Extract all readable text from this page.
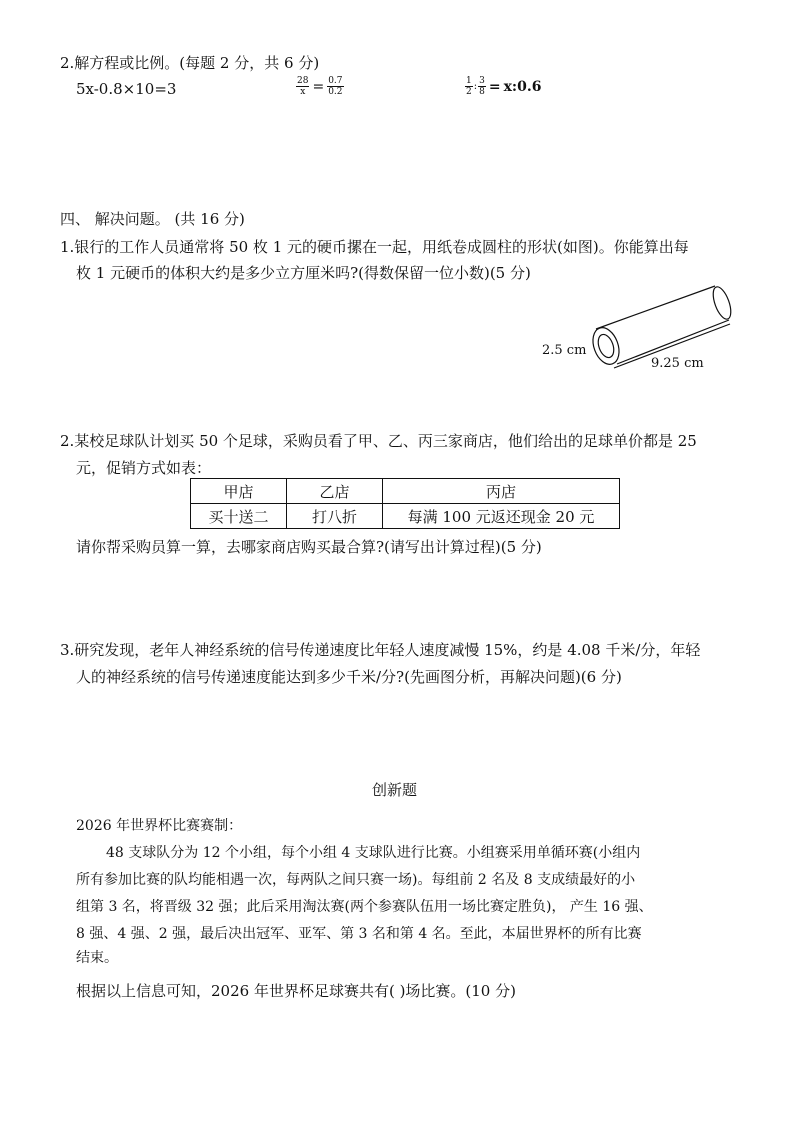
2.解方程或比例。(每题 2 分，共 6 分)
5x-0.8×10=3	$\frac{28}{x} = \frac{0.7}{0.2}$	$\frac{1}{2}$ : $\frac{3}{8}$ = x:0.6
四、 解决问题。 (共 16 分)
1.银行的工作人员通常将 50 枚 1 元的硬币摞在一起，用纸卷成圆柱的形状(如图)。你能算出每
枚 1 元硬币的体积大约是多少立方厘米吗?(得数保留一位小数)(5 分)
2.5 cm
9.25 cm
2.某校足球队计划买 50 个足球，采购员看了甲、乙、丙三家商店，他们给出的足球单价都是 25
元，促销方式如表：
甲店	乙店	丙店
买十送二	打八折	每满 100 元返还现金 20 元
请你帮采购员算一算，去哪家商店购买最合算?(请写出计算过程)(5 分)
3.研究发现，老年人神经系统的信号传递速度比年轻人速度减慢 15%，约是 4.08 千米/分，年轻
人的神经系统的信号传递速度能达到多少千米/分?(先画图分析，再解决问题)(6 分)
创新题
2026 年世界杯比赛赛制：
48 支球队分为 12 个小组，每个小组 4 支球队进行比赛。小组赛采用单循环赛(小组内
所有参加比赛的队均能相遇一次，每两队之间只赛一场)。每组前 2 名及 8 支成绩最好的小
组第 3 名，将晋级 32 强；此后采用淘汰赛(两个参赛队伍用一场比赛定胜负)， 产生 16 强、
8 强、4 强、2 强，最后决出冠军、亚军、第 3 名和第 4 名。至此，本届世界杯的所有比赛
结束。
根据以上信息可知，2026 年世界杯足球赛共有( )场比赛。(10 分)
